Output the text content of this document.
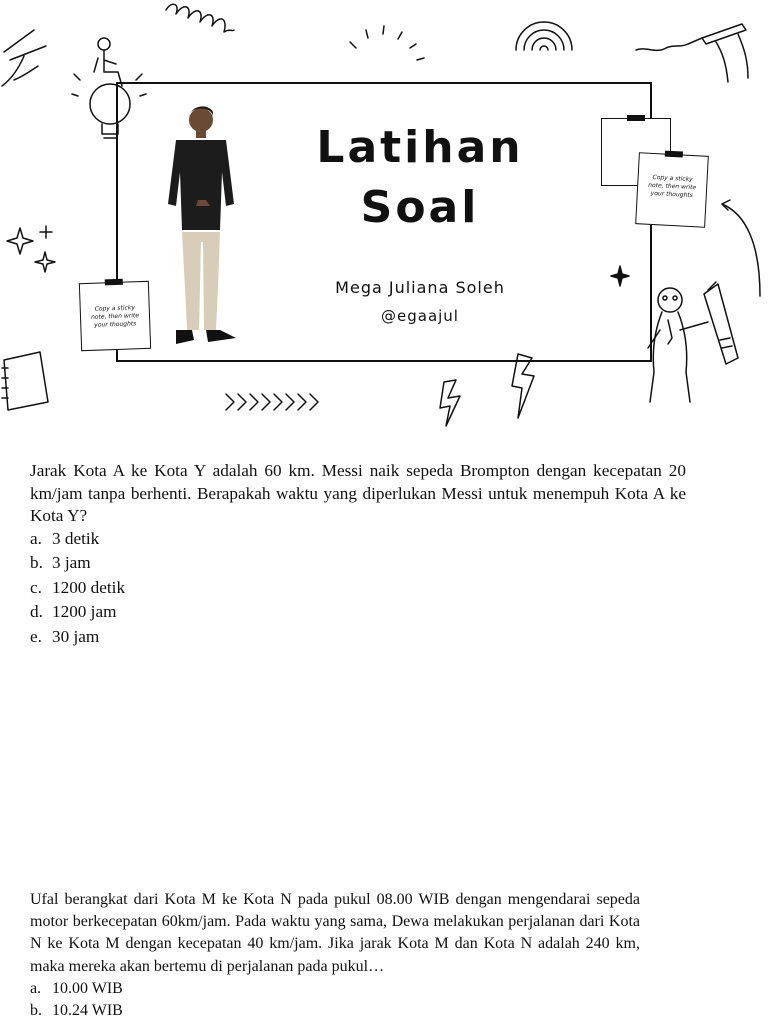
Latihan
Soal
Mega Juliana Soleh
@egaajul
Copy a sticky
note, then write
your thoughts
Copy a sticky
note, then write
your thoughts
Jarak Kota A ke Kota Y adalah 60 km. Messi naik sepeda Brompton dengan kecepatan 20 km/jam tanpa berhenti. Berapakah waktu yang diperlukan Messi untuk menempuh Kota A ke Kota Y?
a. 3 detik
b. 3 jam
c. 1200 detik
d. 1200 jam
e. 30 jam
Ufal berangkat dari Kota M ke Kota N pada pukul 08.00 WIB dengan mengendarai sepeda motor berkecepatan 60km/jam. Pada waktu yang sama, Dewa melakukan perjalanan dari Kota N ke Kota M dengan kecepatan 40 km/jam. Jika jarak Kota M dan Kota N adalah 240 km, maka mereka akan bertemu di perjalanan pada pukul…
a. 10.00 WIB
b. 10.24 WIB
